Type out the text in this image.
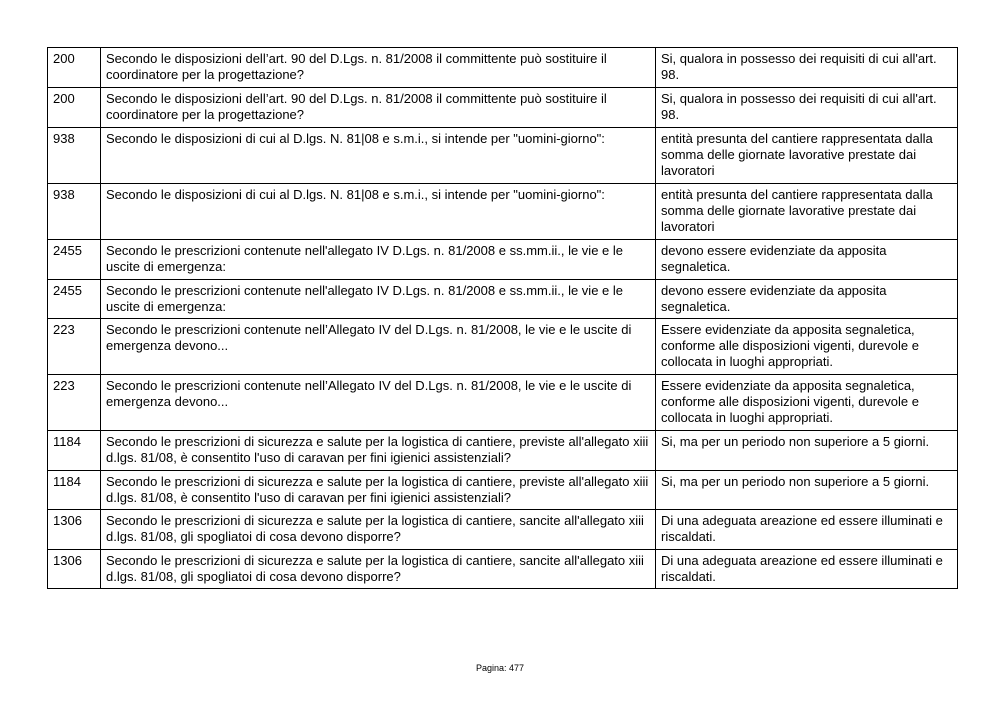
200	Secondo le disposizioni dell’art. 90 del D.Lgs. n. 81/2008 il committente può sostituire il coordinatore per la progettazione?	Si, qualora in possesso dei requisiti di cui all'art. 98.
200	Secondo le disposizioni dell’art. 90 del D.Lgs. n. 81/2008 il committente può sostituire il coordinatore per la progettazione?	Si, qualora in possesso dei requisiti di cui all'art. 98.
938	Secondo le disposizioni di cui al D.lgs. N. 81|08 e s.m.i., si intende per "uomini-giorno":	entità presunta del cantiere rappresentata dalla somma delle giornate lavorative prestate dai lavoratori
938	Secondo le disposizioni di cui al D.lgs. N. 81|08 e s.m.i., si intende per "uomini-giorno":	entità presunta del cantiere rappresentata dalla somma delle giornate lavorative prestate dai lavoratori
2455	Secondo le prescrizioni contenute nell'allegato IV D.Lgs. n. 81/2008 e ss.mm.ii., le vie e le uscite di emergenza:	devono essere evidenziate da apposita segnaletica.
2455	Secondo le prescrizioni contenute nell'allegato IV D.Lgs. n. 81/2008 e ss.mm.ii., le vie e le uscite di emergenza:	devono essere evidenziate da apposita segnaletica.
223	Secondo le prescrizioni contenute nell’Allegato IV del D.Lgs. n. 81/2008, le vie e le uscite di emergenza devono...	Essere evidenziate da apposita segnaletica, conforme alle disposizioni vigenti, durevole e collocata in luoghi appropriati.
223	Secondo le prescrizioni contenute nell’Allegato IV del D.Lgs. n. 81/2008, le vie e le uscite di emergenza devono...	Essere evidenziate da apposita segnaletica, conforme alle disposizioni vigenti, durevole e collocata in luoghi appropriati.
1184	Secondo le prescrizioni di sicurezza e salute per la logistica di cantiere, previste all'allegato xiii d.lgs. 81/08, è consentito l'uso di caravan per fini igienici assistenziali?	Si, ma per un periodo non superiore a 5 giorni.
1184	Secondo le prescrizioni di sicurezza e salute per la logistica di cantiere, previste all'allegato xiii d.lgs. 81/08, è consentito l'uso di caravan per fini igienici assistenziali?	Si, ma per un periodo non superiore a 5 giorni.
1306	Secondo le prescrizioni di sicurezza e salute per la logistica di cantiere, sancite all'allegato xiii d.lgs. 81/08, gli spogliatoi di cosa devono disporre?	Di una adeguata areazione ed essere illuminati e riscaldati.
1306	Secondo le prescrizioni di sicurezza e salute per la logistica di cantiere, sancite all'allegato xiii d.lgs. 81/08, gli spogliatoi di cosa devono disporre?	Di una adeguata areazione ed essere illuminati e riscaldati.
Pagina: 477
